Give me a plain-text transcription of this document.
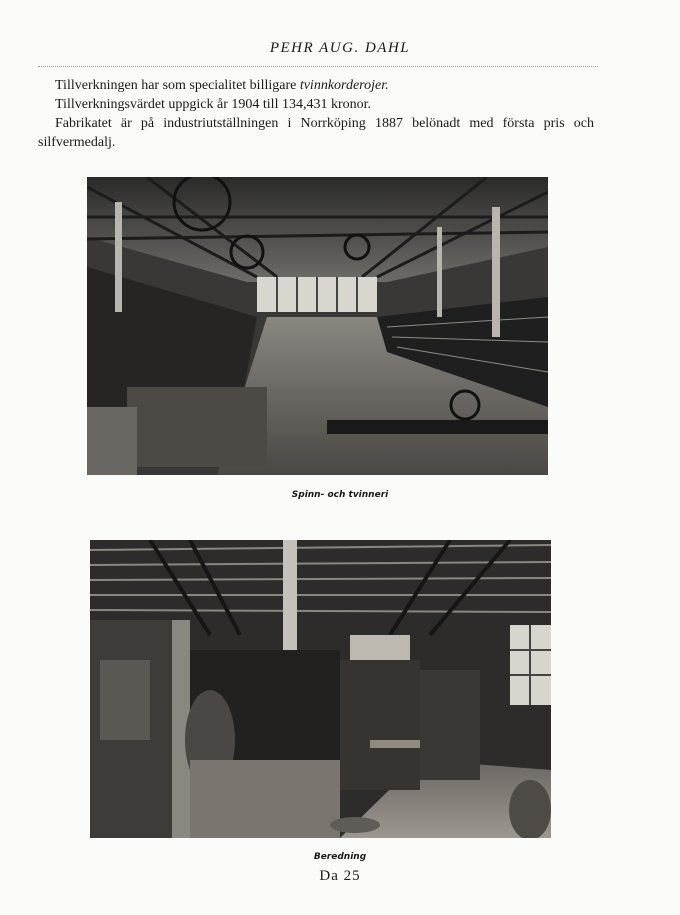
PEHR AUG. DAHL

Tillverkningen har som specialitet billigare tvinnkorderojer.

Tillverkningsvärdet uppgick år 1904 till 134,431 kronor.

Fabrikatet är på industriutställningen i Norrköping 1887 belönadt med första pris och silfvermedalj.

Spinn- och tvinneri
Beredning
Da 25
